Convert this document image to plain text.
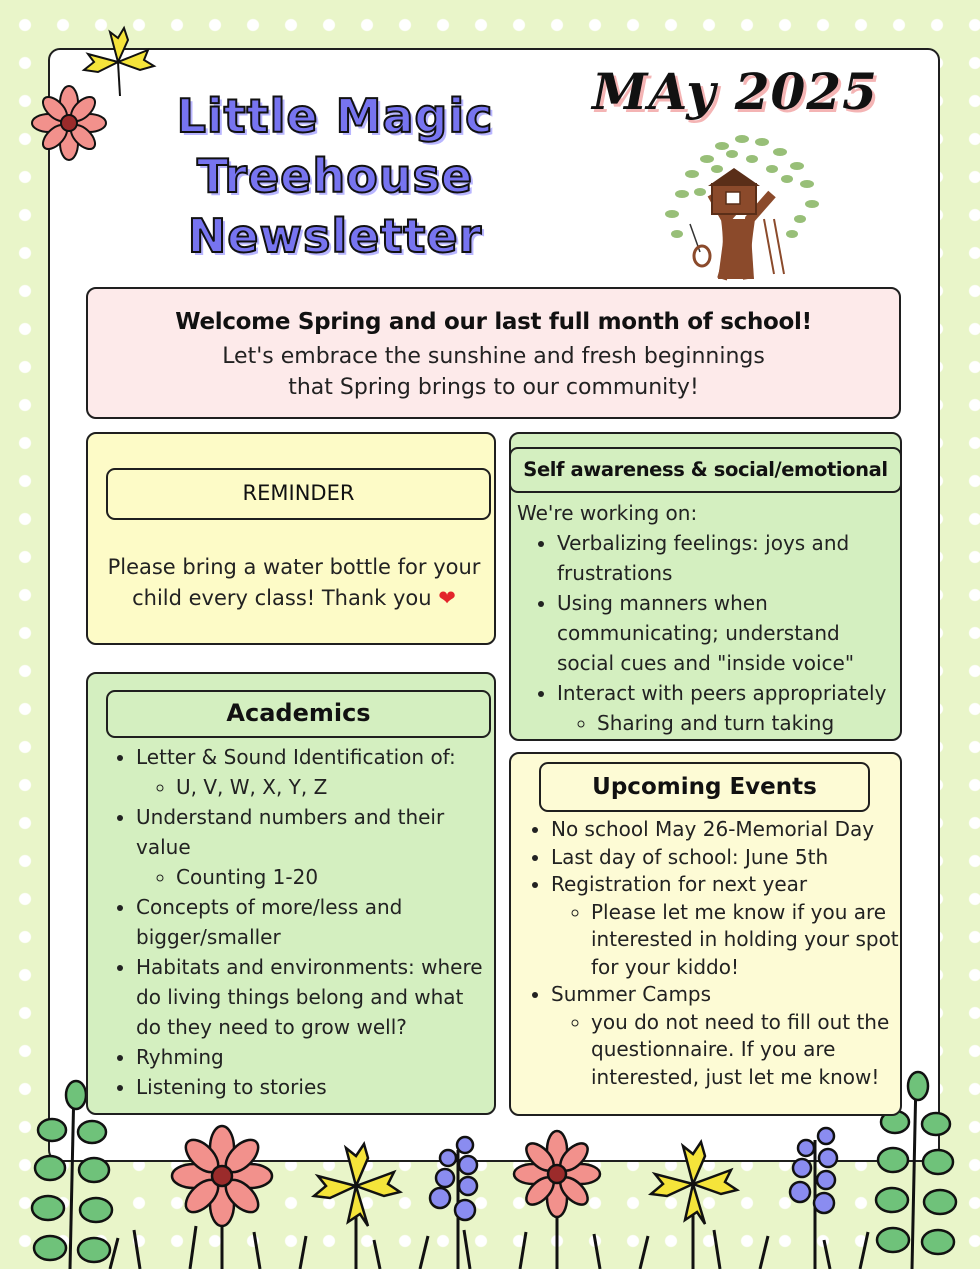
Little Magic
Treehouse
Newsletter
MAy 2025
Welcome Spring and our last full month of school!
Let's embrace the sunshine and fresh beginnings that Spring brings to our community!
REMINDER
Please bring a water bottle for your child every class! Thank you ❤
Self awareness & social/emotional
We're working on:
• Verbalizing feelings: joys and frustrations
• Using manners when communicating; understand social cues and "inside voice"
• Interact with peers appropriately
◦ Sharing and turn taking
Academics
• Letter & Sound Identification of:
◦ U, V, W, X, Y, Z
• Understand numbers and their value
◦ Counting 1-20
• Concepts of more/less and bigger/smaller
• Habitats and environments: where do living things belong and what do they need to grow well?
• Ryhming
• Listening to stories
Upcoming Events
• No school May 26-Memorial Day
• Last day of school: June 5th
• Registration for next year
◦ Please let me know if you are interested in holding your spot for your kiddo!
• Summer Camps
◦ you do not need to fill out the questionnaire. If you are interested, just let me know!
